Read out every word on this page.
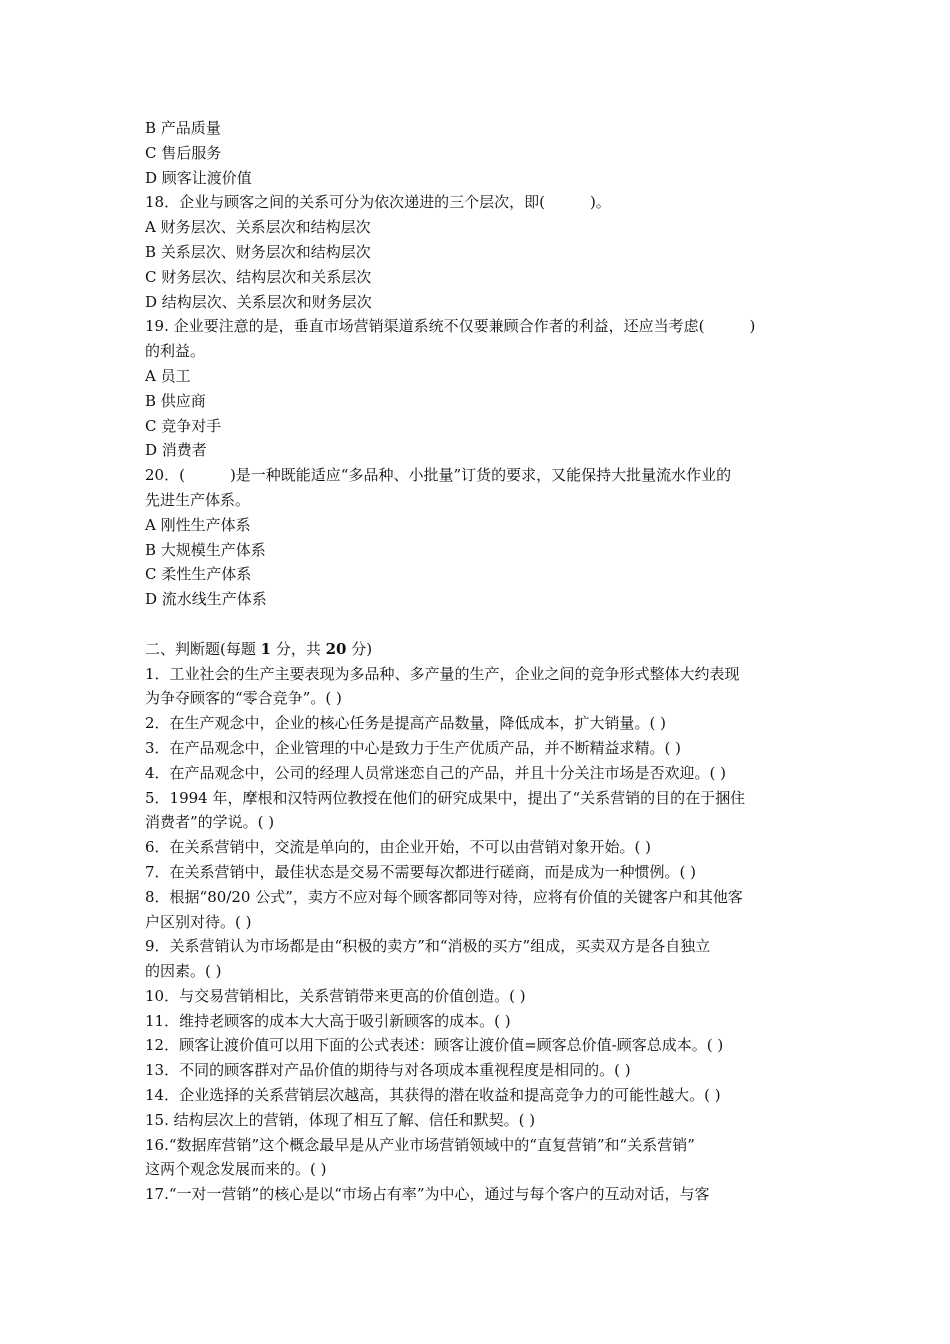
B 产品质量
C 售后服务
D 顾客让渡价值
18．企业与顾客之间的关系可分为依次递进的三个层次，即(　　　)。
A 财务层次、关系层次和结构层次
B 关系层次、财务层次和结构层次
C 财务层次、结构层次和关系层次
D 结构层次、关系层次和财务层次
19. 企业要注意的是，垂直市场营销渠道系统不仅要兼顾合作者的利益，还应当考虑(　　　)
的利益。
A 员工
B 供应商
C 竞争对手
D 消费者
20．(　　　)是一种既能适应“多品种、小批量”订货的要求，又能保持大批量流水作业的
先进生产体系。
A 刚性生产体系
B 大规模生产体系
C 柔性生产体系
D 流水线生产体系
二、判断题(每题 1 分，共 20 分)
1．工业社会的生产主要表现为多品种、多产量的生产，企业之间的竞争形式整体大约表现
为争夺顾客的“零合竞争”。( )
2．在生产观念中，企业的核心任务是提高产品数量，降低成本，扩大销量。( )
3．在产品观念中，企业管理的中心是致力于生产优质产品，并不断精益求精。( )
4．在产品观念中，公司的经理人员常迷恋自己的产品，并且十分关注市场是否欢迎。( )
5．1994 年，摩根和汉特两位教授在他们的研究成果中，提出了“关系营销的目的在于捆住
消费者”的学说。( )
6．在关系营销中，交流是单向的，由企业开始，不可以由营销对象开始。( )
7．在关系营销中，最佳状态是交易不需要每次都进行磋商，而是成为一种惯例。( )
8．根据“80/20 公式”，卖方不应对每个顾客都同等对待，应将有价值的关键客户和其他客
户区别对待。( )
9．关系营销认为市场都是由“积极的卖方”和“消极的买方”组成，买卖双方是各自独立
的因素。( )
10．与交易营销相比，关系营销带来更高的价值创造。( )
11．维持老顾客的成本大大高于吸引新顾客的成本。( )
12．顾客让渡价值可以用下面的公式表述：顾客让渡价值=顾客总价值-顾客总成本。( )
13．不同的顾客群对产品价值的期待与对各项成本重视程度是相同的。( )
14．企业选择的关系营销层次越高，其获得的潜在收益和提高竞争力的可能性越大。( )
15. 结构层次上的营销，体现了相互了解、信任和默契。( )
16.“数据库营销”这个概念最早是从产业市场营销领域中的“直复营销”和“关系营销”
这两个观念发展而来的。( )
17.“一对一营销”的核心是以“市场占有率”为中心，通过与每个客户的互动对话，与客
